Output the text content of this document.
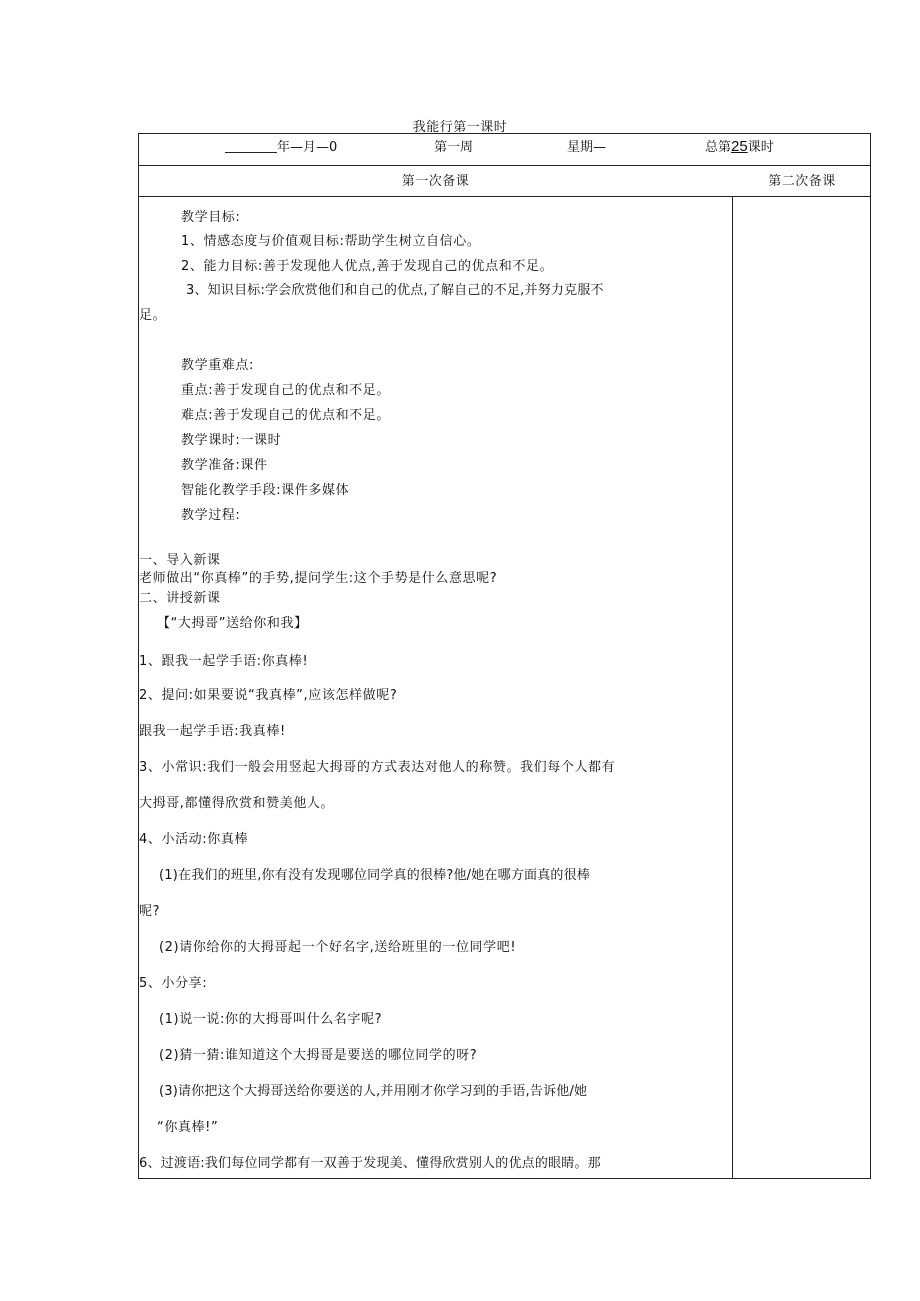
我能行第一课时
年—月—0	第一周	星期—	总第25课时
第一次备课	第二次备课
教学目标:
1、情感态度与价值观目标:帮助学生树立自信心。
2、能力目标:善于发现他人优点,善于发现自己的优点和不足。
3、知识目标:学会欣赏他们和自己的优点,了解自己的不足,并努力克服不
足。
教学重难点:
重点:善于发现自己的优点和不足。
难点:善于发现自己的优点和不足。
教学课时:一课时
教学准备:课件
智能化教学手段:课件多媒体
教学过程:
一、导入新课
老师做出“你真棒”的手势,提问学生:这个手势是什么意思呢?
二、讲授新课
【“大拇哥”送给你和我】
1、跟我一起学手语:你真棒!
2、提问:如果要说“我真棒”,应该怎样做呢?
跟我一起学手语:我真棒!
3、小常识:我们一般会用竖起大拇哥的方式表达对他人的称赞。我们每个人都有
大拇哥,都懂得欣赏和赞美他人。
4、小活动:你真棒
(1)在我们的班里,你有没有发现哪位同学真的很棒?他/她在哪方面真的很棒
呢?
(2)请你给你的大拇哥起一个好名字,送给班里的一位同学吧!
5、小分享:
(1)说一说:你的大拇哥叫什么名字呢?
(2)猜一猜:谁知道这个大拇哥是要送的哪位同学的呀?
(3)请你把这个大拇哥送给你要送的人,并用刚才你学习到的手语,告诉他/她
“你真棒!”
6、过渡语:我们每位同学都有一双善于发现美、懂得欣赏别人的优点的眼睛。那
